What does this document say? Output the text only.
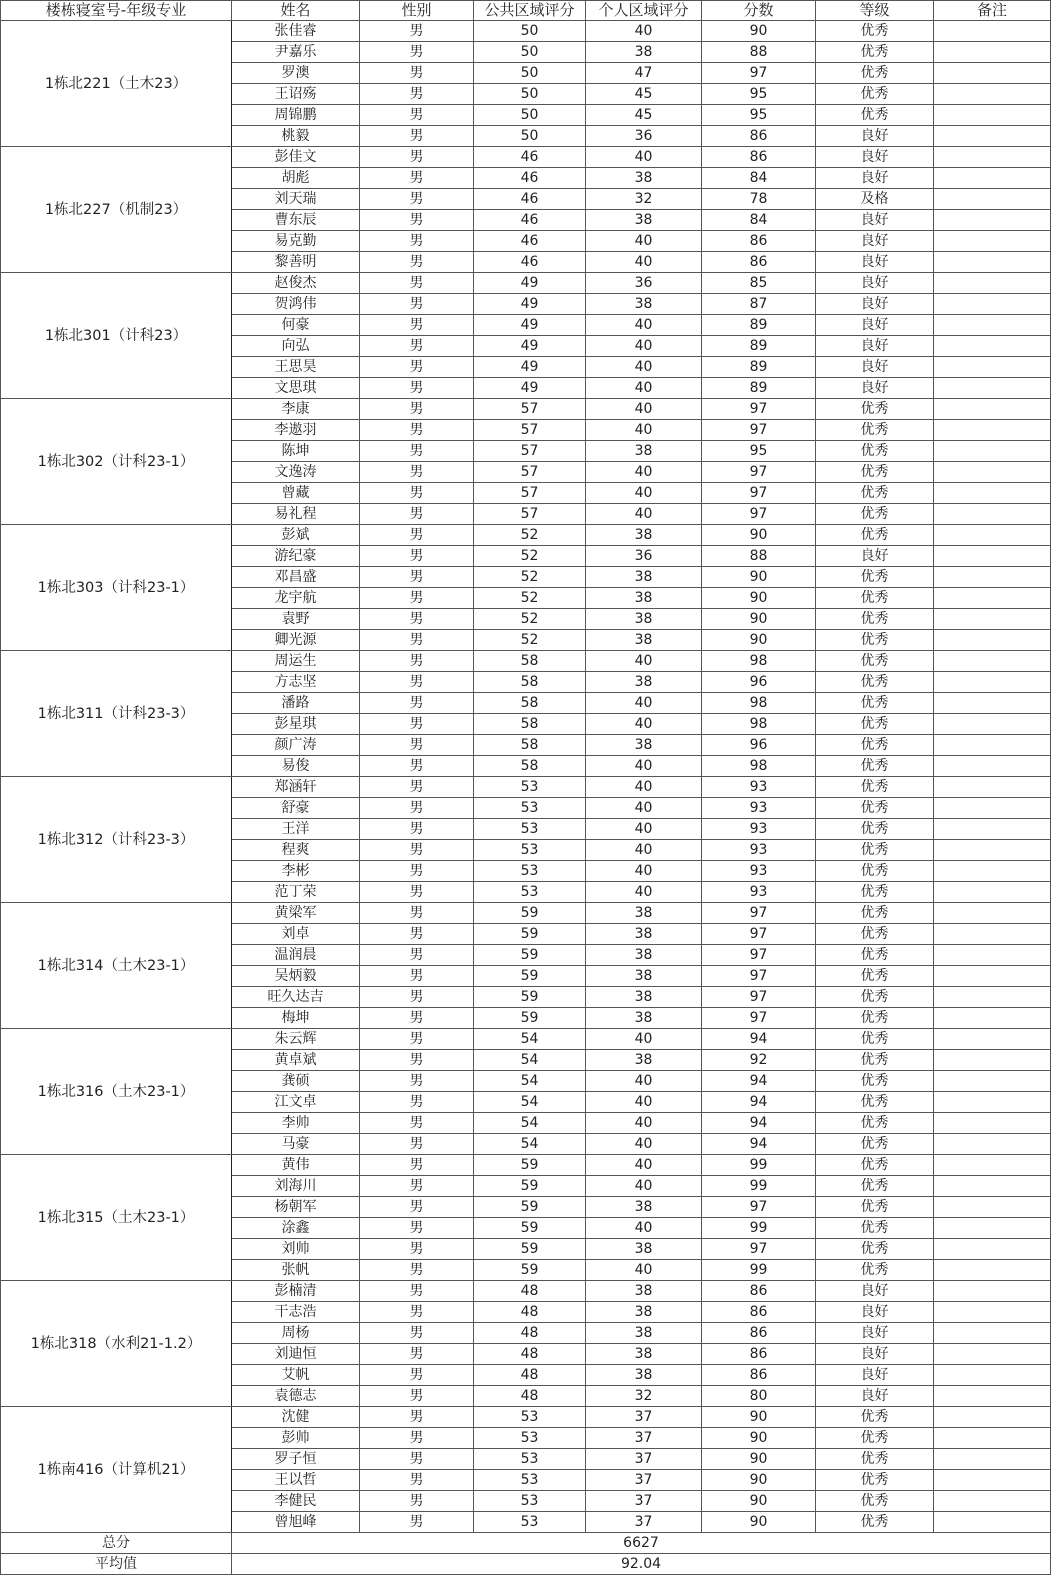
楼栋寝室号-年级专业	姓名	性别	公共区域评分	个人区域评分	分数	等级	备注
1栋北221（土木23）	张佳睿	男	50	40	90	优秀	
	尹嘉乐	男	50	38	88	优秀	
	罗澳	男	50	47	97	优秀	
	王诏殇	男	50	45	95	优秀	
	周锦鹏	男	50	45	95	优秀	
	桃毅	男	50	36	86	良好	
1栋北227（机制23）	彭佳文	男	46	40	86	良好	
	胡彪	男	46	38	84	良好	
	刘天瑞	男	46	32	78	及格	
	曹东辰	男	46	38	84	良好	
	易克勤	男	46	40	86	良好	
	黎善明	男	46	40	86	良好	
1栋北301（计科23）	赵俊杰	男	49	36	85	良好	
	贺鸿伟	男	49	38	87	良好	
	何豪	男	49	40	89	良好	
	向弘	男	49	40	89	良好	
	王思昊	男	49	40	89	良好	
	文思琪	男	49	40	89	良好	
1栋北302（计科23-1）	李康	男	57	40	97	优秀	
	李遨羽	男	57	40	97	优秀	
	陈坤	男	57	38	95	优秀	
	文逸涛	男	57	40	97	优秀	
	曾藏	男	57	40	97	优秀	
	易礼程	男	57	40	97	优秀	
1栋北303（计科23-1）	彭斌	男	52	38	90	优秀	
	游纪豪	男	52	36	88	良好	
	邓昌盛	男	52	38	90	优秀	
	龙宇航	男	52	38	90	优秀	
	袁野	男	52	38	90	优秀	
	卿光源	男	52	38	90	优秀	
1栋北311（计科23-3）	周运生	男	58	40	98	优秀	
	方志坚	男	58	38	96	优秀	
	潘路	男	58	40	98	优秀	
	彭星琪	男	58	40	98	优秀	
	颜广涛	男	58	38	96	优秀	
	易俊	男	58	40	98	优秀	
1栋北312（计科23-3）	郑涵轩	男	53	40	93	优秀	
	舒豪	男	53	40	93	优秀	
	王洋	男	53	40	93	优秀	
	程爽	男	53	40	93	优秀	
	李彬	男	53	40	93	优秀	
	范丁荣	男	53	40	93	优秀	
1栋北314（土木23-1）	黄梁军	男	59	38	97	优秀	
	刘卓	男	59	38	97	优秀	
	温润晨	男	59	38	97	优秀	
	吴炳毅	男	59	38	97	优秀	
	旺久达吉	男	59	38	97	优秀	
	梅坤	男	59	38	97	优秀	
1栋北316（土木23-1）	朱云辉	男	54	40	94	优秀	
	黄卓斌	男	54	38	92	优秀	
	龚硕	男	54	40	94	优秀	
	江文卓	男	54	40	94	优秀	
	李帅	男	54	40	94	优秀	
	马豪	男	54	40	94	优秀	
1栋北315（土木23-1）	黄伟	男	59	40	99	优秀	
	刘海川	男	59	40	99	优秀	
	杨朝军	男	59	38	97	优秀	
	涂鑫	男	59	40	99	优秀	
	刘帅	男	59	38	97	优秀	
	张帆	男	59	40	99	优秀	
1栋北318（水利21-1.2）	彭楠清	男	48	38	86	良好	
	干志浩	男	48	38	86	良好	
	周杨	男	48	38	86	良好	
	刘迪恒	男	48	38	86	良好	
	艾帆	男	48	38	86	良好	
	袁德志	男	48	32	80	良好	
1栋南416（计算机21）	沈健	男	53	37	90	优秀	
	彭帅	男	53	37	90	优秀	
	罗子恒	男	53	37	90	优秀	
	王以哲	男	53	37	90	优秀	
	李健民	男	53	37	90	优秀	
	曾旭峰	男	53	37	90	优秀	
总分	6627						
平均值	92.04						
